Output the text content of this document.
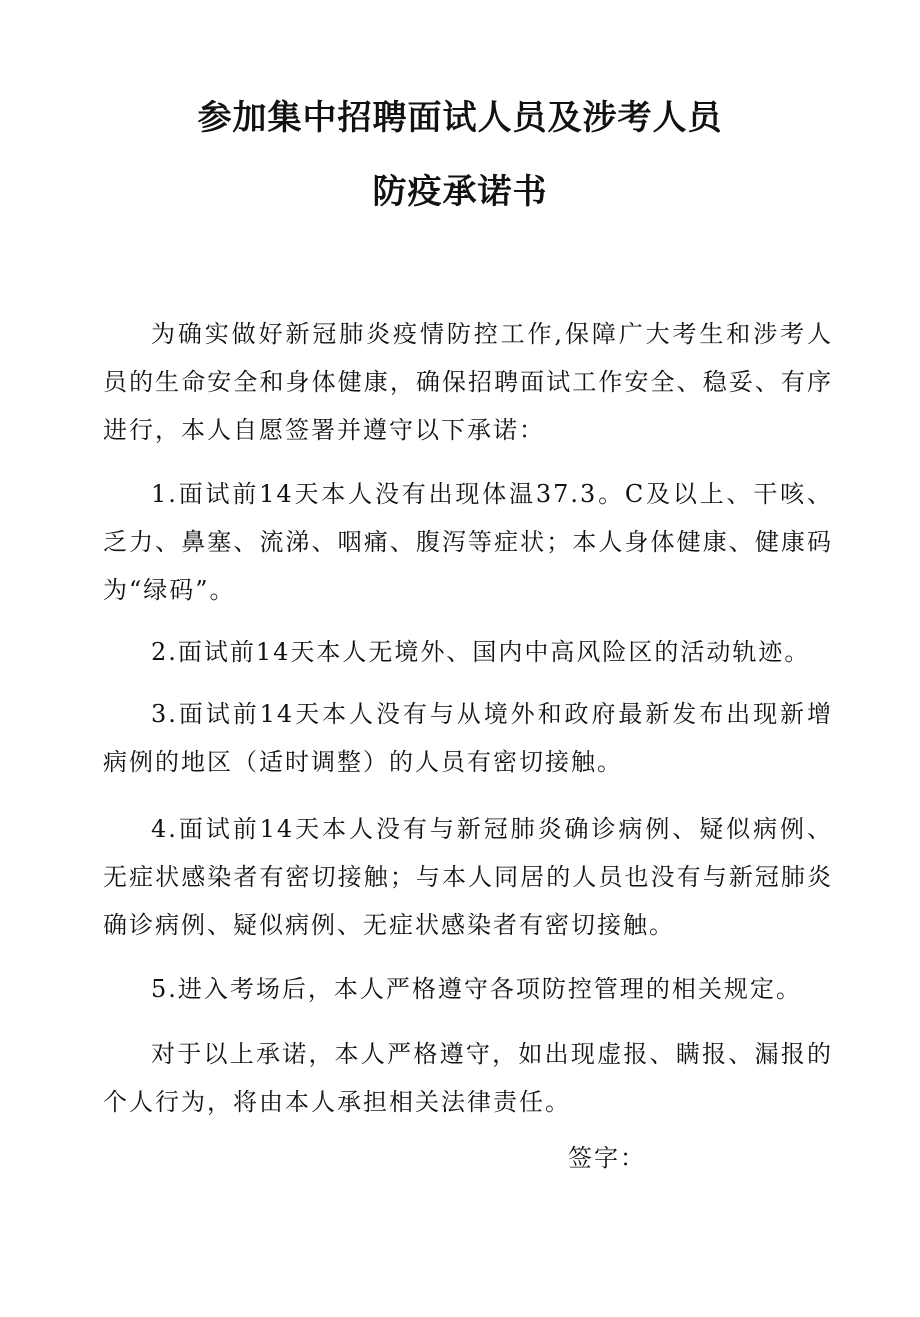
参加集中招聘面试人员及涉考人员
防疫承诺书

为确实做好新冠肺炎疫情防控工作,保障广大考生和涉考人员的生命安全和身体健康，确保招聘面试工作安全、稳妥、有序进行，本人自愿签署并遵守以下承诺：

1.面试前14天本人没有出现体温37.3。C及以上、干咳、乏力、鼻塞、流涕、咽痛、腹泻等症状；本人身体健康、健康码为“绿码”。

2.面试前14天本人无境外、国内中高风险区的活动轨迹。

3.面试前14天本人没有与从境外和政府最新发布出现新增病例的地区（适时调整）的人员有密切接触。

4.面试前14天本人没有与新冠肺炎确诊病例、疑似病例、无症状感染者有密切接触；与本人同居的人员也没有与新冠肺炎确诊病例、疑似病例、无症状感染者有密切接触。

5.进入考场后，本人严格遵守各项防控管理的相关规定。

对于以上承诺，本人严格遵守，如出现虚报、瞒报、漏报的个人行为，将由本人承担相关法律责任。

签字：
